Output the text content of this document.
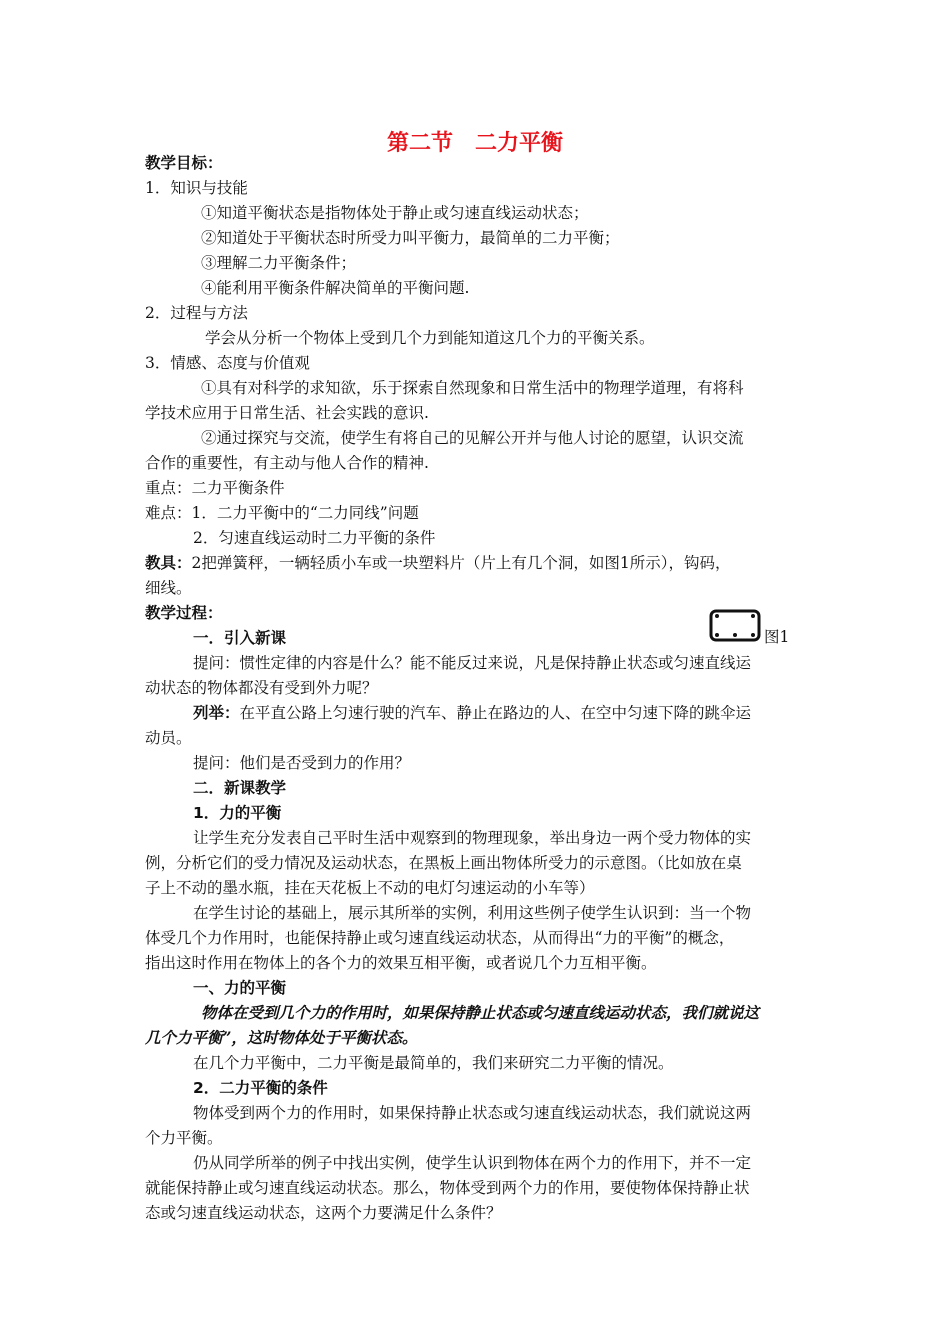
第二节　二力平衡
教学目标：
1．知识与技能
①知道平衡状态是指物体处于静止或匀速直线运动状态；
②知道处于平衡状态时所受力叫平衡力，最简单的二力平衡；
③理解二力平衡条件；
④能利用平衡条件解决简单的平衡问题.
2．过程与方法
学会从分析一个物体上受到几个力到能知道这几个力的平衡关系。
3．情感、态度与价值观
①具有对科学的求知欲，乐于探索自然现象和日常生活中的物理学道理，有将科
学技术应用于日常生活、社会实践的意识.
②通过探究与交流，使学生有将自己的见解公开并与他人讨论的愿望，认识交流
合作的重要性，有主动与他人合作的精神.
重点：二力平衡条件
难点：1．二力平衡中的“二力同线”问题
2．匀速直线运动时二力平衡的条件
教具：2把弹簧秤，一辆轻质小车或一块塑料片（片上有几个洞，如图1所示），钩码，
细线。
教学过程：
一．引入新课	图1
提问：惯性定律的内容是什么？能不能反过来说，凡是保持静止状态或匀速直线运
动状态的物体都没有受到外力呢？
列举：在平直公路上匀速行驶的汽车、静止在路边的人、在空中匀速下降的跳伞运
动员。
提问：他们是否受到力的作用？
二．新课教学
1．力的平衡
让学生充分发表自己平时生活中观察到的物理现象，举出身边一两个受力物体的实
例，分析它们的受力情况及运动状态，在黑板上画出物体所受力的示意图。（比如放在桌
子上不动的墨水瓶，挂在天花板上不动的电灯匀速运动的小车等）
在学生讨论的基础上，展示其所举的实例，利用这些例子使学生认识到：当一个物
体受几个力作用时，也能保持静止或匀速直线运动状态，从而得出“力的平衡”的概念，
指出这时作用在物体上的各个力的效果互相平衡，或者说几个力互相平衡。
一、力的平衡
物体在受到几个力的作用时，如果保持静止状态或匀速直线运动状态，我们就说这
几个力平衡”，这时物体处于平衡状态。
在几个力平衡中，二力平衡是最简单的，我们来研究二力平衡的情况。
2．二力平衡的条件
物体受到两个力的作用时，如果保持静止状态或匀速直线运动状态，我们就说这两
个力平衡。
仍从同学所举的例子中找出实例，使学生认识到物体在两个力的作用下，并不一定
就能保持静止或匀速直线运动状态。那么，物体受到两个力的作用，要使物体保持静止状
态或匀速直线运动状态，这两个力要满足什么条件？
